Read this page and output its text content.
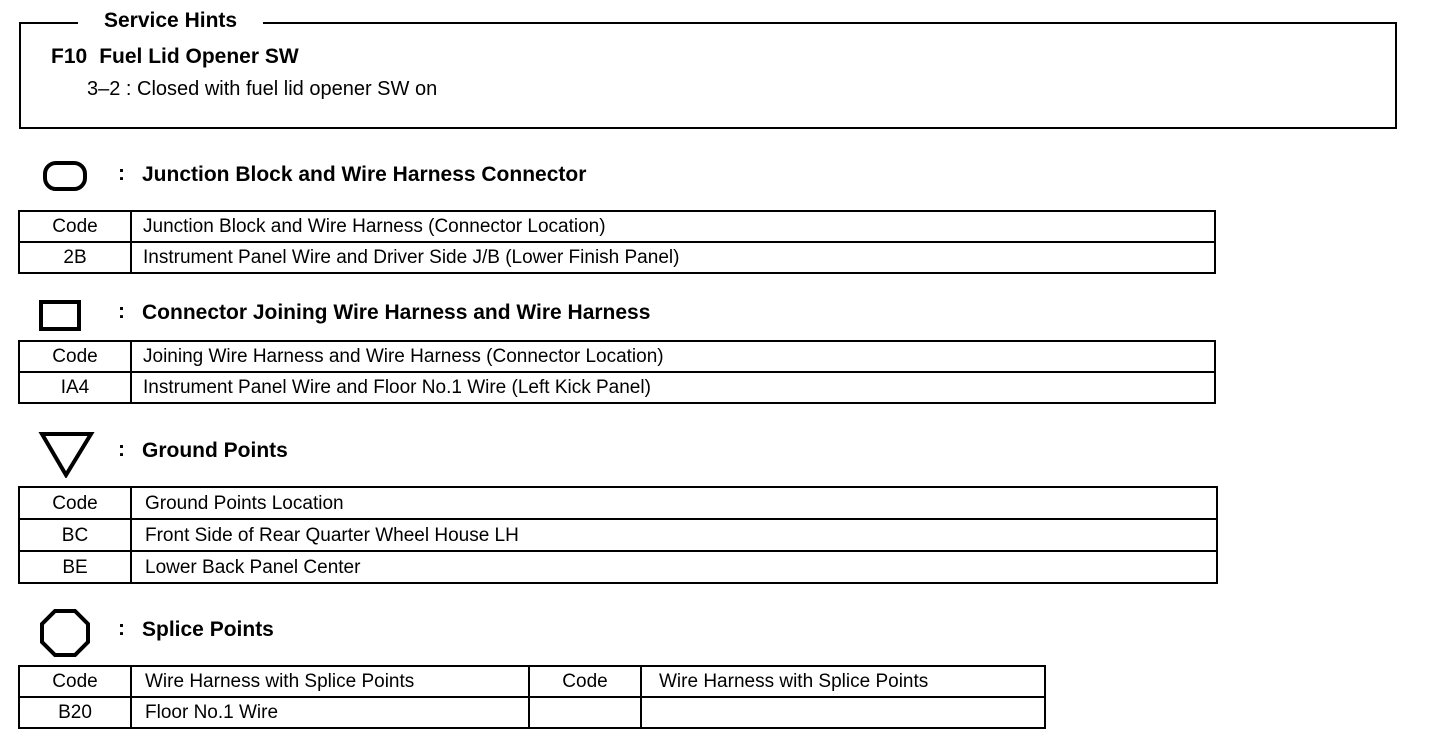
Service Hints
F10 Fuel Lid Opener SW
3–2 : Closed with fuel lid opener SW on
: Junction Block and Wire Harness Connector
Code	Junction Block and Wire Harness (Connector Location)
2B	Instrument Panel Wire and Driver Side J/B (Lower Finish Panel)
: Connector Joining Wire Harness and Wire Harness
Code	Joining Wire Harness and Wire Harness (Connector Location)
IA4	Instrument Panel Wire and Floor No.1 Wire (Left Kick Panel)
: Ground Points
Code	Ground Points Location
BC	Front Side of Rear Quarter Wheel House LH
BE	Lower Back Panel Center
: Splice Points
Code	Wire Harness with Splice Points	Code	Wire Harness with Splice Points
B20	Floor No.1 Wire		
